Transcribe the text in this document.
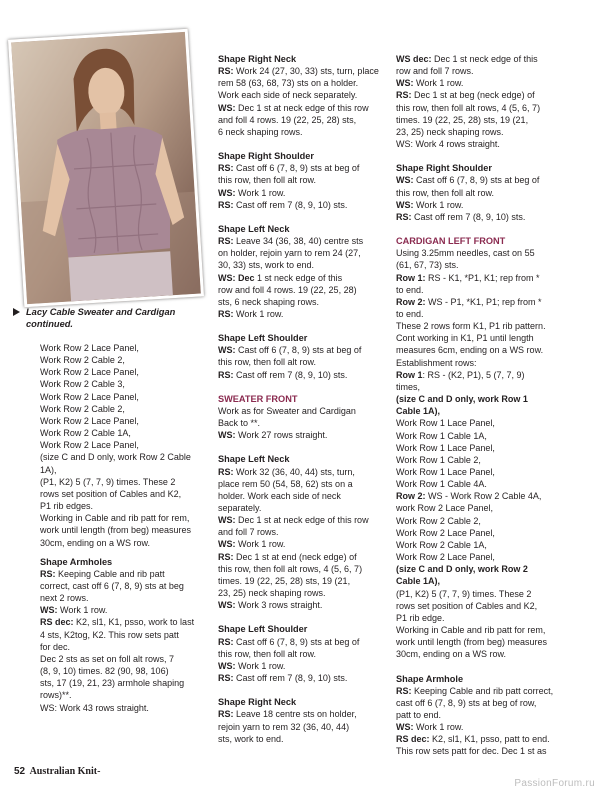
Lacy Cable Sweater and Cardigan
continued.

Work Row 2 Lace Panel,

Work Row 2 Cable 2,

Work Row 2 Lace Panel,

Work Row 2 Cable 3,

Work Row 2 Lace Panel,

Work Row 2 Cable 2,

Work Row 2 Lace Panel,

Work Row 2 Cable 1A,

Work Row 2 Lace Panel,

(size C and D only, work Row 2 Cable

1A),

(P1, K2) 5 (7, 7, 9) times. These 2

rows set position of Cables and K2,

P1 rib edges.

Working in Cable and rib patt for rem,

work until length (from beg) measures

30cm, ending on a WS row.

Shape Armholes

RS: Keeping Cable and rib patt

correct, cast off 6 (7, 8, 9) sts at beg

next 2 rows.

WS: Work 1 row.

RS dec: K2, sl1, K1, psso, work to last

4 sts, K2tog, K2. This row sets patt

for dec.

Dec 2 sts as set on foll alt rows, 7

(8, 9, 10) times. 82 (90, 98, 106)

sts, 17 (19, 21, 23) armhole shaping

rows)**.

WS: Work 43 rows straight.

Shape Right Neck

RS: Work 24 (27, 30, 33) sts, turn, place

rem 58 (63, 68, 73) sts on a holder.

Work each side of neck separately.

WS: Dec 1 st at neck edge of this row

and foll 4 rows. 19 (22, 25, 28) sts,

6 neck shaping rows.

Shape Right Shoulder

RS: Cast off 6 (7, 8, 9) sts at beg of

this row, then foll alt row.

WS: Work 1 row.

RS: Cast off rem 7 (8, 9, 10) sts.

Shape Left Neck

RS: Leave 34 (36, 38, 40) centre sts

on holder, rejoin yarn to rem 24 (27,

30, 33) sts, work to end.

WS: Dec 1 st neck edge of this

row and foll 4 rows. 19 (22, 25, 28)

sts, 6 neck shaping rows.

RS: Work 1 row.

Shape Left Shoulder

WS: Cast off 6 (7, 8, 9) sts at beg of

this row, then foll alt row.

RS: Cast off rem 7 (8, 9, 10) sts.

SWEATER FRONT

Work as for Sweater and Cardigan

Back to **.

WS: Work 27 rows straight.

Shape Left Neck

RS: Work 32 (36, 40, 44) sts, turn,

place rem 50 (54, 58, 62) sts on a

holder. Work each side of neck

separately.

WS: Dec 1 st at neck edge of this row

and foll 7 rows.

WS: Work 1 row.

RS: Dec 1 st at end (neck edge) of

this row, then foll alt rows, 4 (5, 6, 7)

times. 19 (22, 25, 28) sts, 19 (21,

23, 25) neck shaping rows.

WS: Work 3 rows straight.

Shape Left Shoulder

RS: Cast off 6 (7, 8, 9) sts at beg of

this row, then foll alt row.

WS: Work 1 row.

RS: Cast off rem 7 (8, 9, 10) sts.

Shape Right Neck

RS: Leave 18 centre sts on holder,

rejoin yarn to rem 32 (36, 40, 44)

sts, work to end.

WS dec: Dec 1 st neck edge of this

row and foll 7 rows.

WS: Work 1 row.

RS: Dec 1 st at beg (neck edge) of

this row, then foll alt rows, 4 (5, 6, 7)

times. 19 (22, 25, 28) sts, 19 (21,

23, 25) neck shaping rows.

WS: Work 4 rows straight.

Shape Right Shoulder

WS: Cast off 6 (7, 8, 9) sts at beg of

this row, then foll alt row.

WS: Work 1 row.

RS: Cast off rem 7 (8, 9, 10) sts.

CARDIGAN LEFT FRONT

Using 3.25mm needles, cast on 55

(61, 67, 73) sts.

Row 1: RS - K1, *P1, K1; rep from *

to end.

Row 2: WS - P1, *K1, P1; rep from *

to end.

These 2 rows form K1, P1 rib pattern.

Cont working in K1, P1 until length

measures 6cm, ending on a WS row.

Establishment rows:

Row 1: RS - (K2, P1), 5 (7, 7, 9)

times,

(size C and D only, work Row 1

Cable 1A),

Work Row 1 Lace Panel,

Work Row 1 Cable 1A,

Work Row 1 Lace Panel,

Work Row 1 Cable 2,

Work Row 1 Lace Panel,

Work Row 1 Cable 4A.

Row 2: WS - Work Row 2 Cable 4A,

work Row 2 Lace Panel,

Work Row 2 Cable 2,

Work Row 2 Lace Panel,

Work Row 2 Cable 1A,

Work Row 2 Lace Panel,

(size C and D only, work Row 2

Cable 1A),

(P1, K2) 5 (7, 7, 9) times. These 2

rows set position of Cables and K2,

P1 rib edge.

Working in Cable and rib patt for rem,

work until length (from beg) measures

30cm, ending on a WS row.

Shape Armhole

RS: Keeping Cable and rib patt correct,

cast off 6 (7, 8, 9) sts at beg of row,

patt to end.

WS: Work 1 row.

RS dec: K2, sl1, K1, psso, patt to end.

This row sets patt for dec. Dec 1 st as

52 Australian Knit-
PassionForum.ru
